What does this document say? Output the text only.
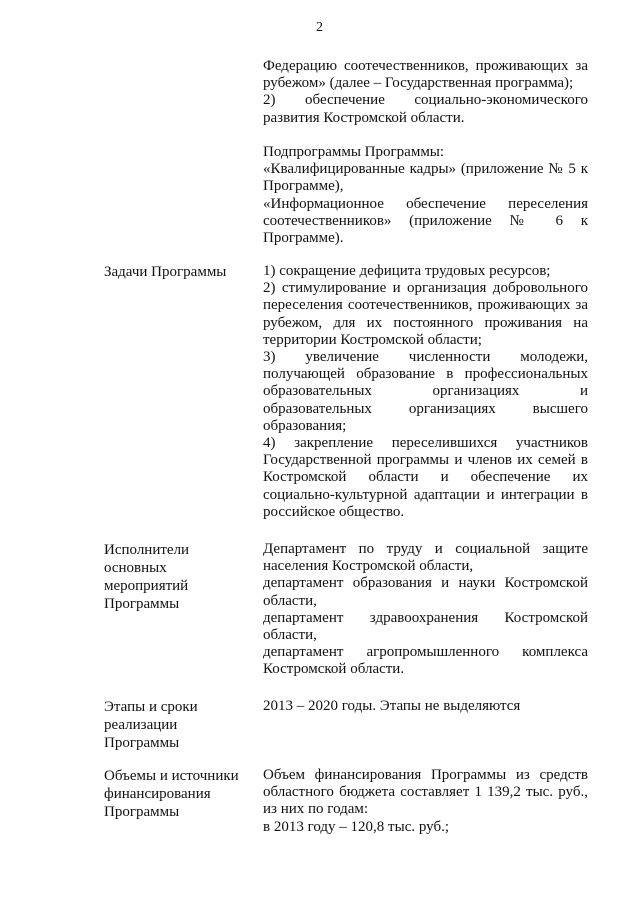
2
Федерацию соотечественников, проживающих за
рубежом» (далее – Государственная программа);
2) обеспечение социально-экономического
развития Костромской области.
Подпрограммы Программы:
«Квалифицированные кадры» (приложение № 5 к
Программе),
«Информационное обеспечение переселения
соотечественников» (приложение № 6 к
Программе).
Задачи Программы	1) сокращение дефицита трудовых ресурсов;
2) стимулирование и организация добровольного
переселения соотечественников, проживающих за
рубежом, для их постоянного проживания на
территории Костромской области;
3) увеличение численности молодежи,
получающей образование в профессиональных
образовательных организациях и
образовательных организациях высшего
образования;
4) закрепление переселившихся участников
Государственной программы и членов их семей в
Костромской области и обеспечение их
социально-культурной адаптации и интеграции в
российское общество.
Исполнители
основных
мероприятий
Программы
Департамент по труду и социальной защите
населения Костромской области,
департамент образования и науки Костромской
области,
департамент здравоохранения Костромской
области,
департамент агропромышленного комплекса
Костромской области.
Этапы и сроки
реализации
Программы
2013 – 2020 годы. Этапы не выделяются
Объемы и источники
финансирования
Программы
Объем финансирования Программы из средств
областного бюджета составляет 1 139,2 тыс. руб.,
из них по годам:
в 2013 году – 120,8 тыс. руб.;
